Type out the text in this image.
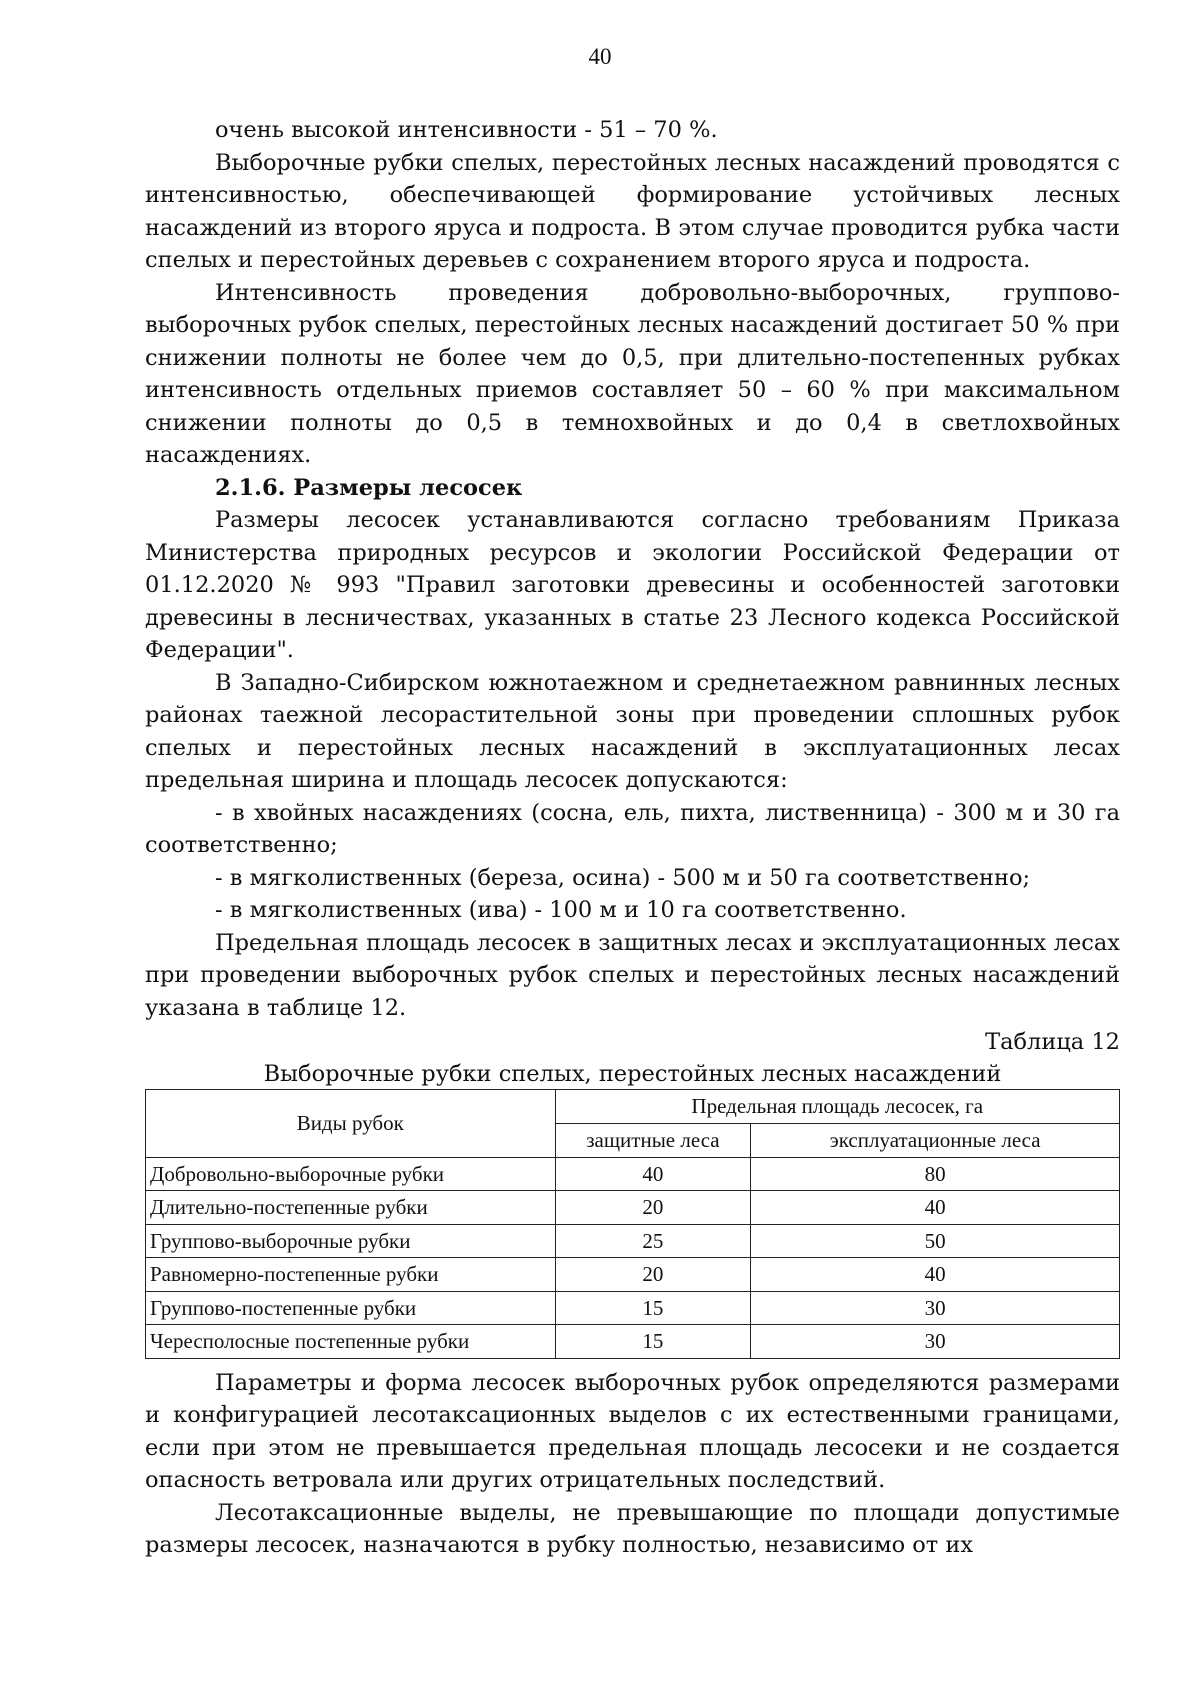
40

очень высокой интенсивности - 51 – 70 %.

Выборочные рубки спелых, перестойных лесных насаждений проводятся с интенсивностью, обеспечивающей формирование устойчивых лесных насаждений из второго яруса и подроста. В этом случае проводится рубка части спелых и перестойных деревьев с сохранением второго яруса и подроста.

Интенсивность проведения добровольно-выборочных, группово-выборочных рубок спелых, перестойных лесных насаждений достигает 50 % при снижении полноты не более чем до 0,5, при длительно-постепенных рубках интенсивность отдельных приемов составляет 50 – 60 % при максимальном снижении полноты до 0,5 в темнохвойных и до 0,4 в светлохвойных насаждениях.

2.1.6. Размеры лесосек

Размеры лесосек устанавливаются согласно требованиям Приказа Министерства природных ресурсов и экологии Российской Федерации от 01.12.2020 № 993 "Правил заготовки древесины и особенностей заготовки древесины в лесничествах, указанных в статье 23 Лесного кодекса Российской Федерации".

В Западно-Сибирском южнотаежном и среднетаежном равнинных лесных районах таежной лесорастительной зоны при проведении сплошных рубок спелых и перестойных лесных насаждений в эксплуатационных лесах предельная ширина и площадь лесосек допускаются:

- в хвойных насаждениях (сосна, ель, пихта, лиственница) - 300 м и 30 га соответственно;

- в мягколиственных (береза, осина) - 500 м и 50 га соответственно;

- в мягколиственных (ива) - 100 м и 10 га соответственно.

Предельная площадь лесосек в защитных лесах и эксплуатационных лесах при проведении выборочных рубок спелых и перестойных лесных насаждений указана в таблице 12.

Таблица 12
Выборочные рубки спелых, перестойных лесных насаждений
Виды рубок	Предельная площадь лесосек, га	
	защитные леса	эксплуатационные леса
Добровольно-выборочные рубки	40	80
Длительно-постепенные рубки	20	40
Группово-выборочные рубки	25	50
Равномерно-постепенные рубки	20	40
Группово-постепенные рубки	15	30
Чересполосные постепенные рубки	15	30

Параметры и форма лесосек выборочных рубок определяются размерами и конфигурацией лесотаксационных выделов с их естественными границами, если при этом не превышается предельная площадь лесосеки и не создается опасность ветровала или других отрицательных последствий.

Лесотаксационные выделы, не превышающие по площади допустимые размеры лесосек, назначаются в рубку полностью, независимо от их
